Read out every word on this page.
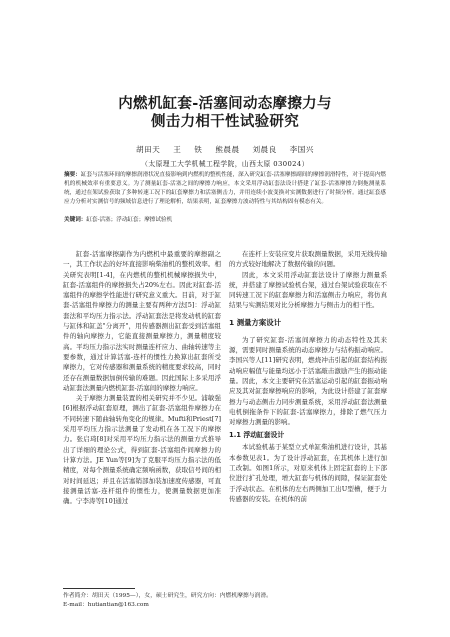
内燃机缸套-活塞间动态摩擦力与
侧击力相干性试验研究
胡田天 王 铁 熊晨晨 刘晨良 李国兴
（太原理工大学机械工程学院，山西太原 030024）
摘要：缸套与活塞环间的摩擦润滑状况直接影响到内燃机的整机性能，深入研究缸套-活塞摩擦副间的摩擦润滑特性，对于提高内燃机的机械效率有重要意义。为了测量缸套-活塞之间的摩擦力响应，本文采用浮动缸套法设计搭建了缸套-活塞摩擦力倒拖测量系统，通过在架试验获取了多种转速工况下的缸套摩擦力和活塞侧击力，并用连续小波变换对实测数据进行了时频分析。通过缸套感应力分析对实测信号的频域信息进行了理论解析，结果表明，缸套摩擦力波动特性与其结构固有模态有关。
关键词：缸套-活塞；浮动缸套；摩擦试验机

缸套-活塞摩擦副作为内燃机中最重要的摩擦副之一，其工作状态的好坏直接影响柴油机的整机效率。相关研究表明[1-4]，在内燃机的整机机械摩擦损失中，缸套-活塞组件的摩擦损失占20%左右。因此对缸套-活塞组件的摩擦学性能进行研究意义重大。目前，对于缸套-活塞组件摩擦力的测量主要有两种方法[5]：浮动缸套法和平均压力指示法。浮动缸套法是将发动机的缸套与缸体和缸盖"分离开"，用传感器测出缸套受到活塞组件的轴向摩擦力，它能直接测量摩擦力，测量精度较高。平均压力指示法实时测量连杆应力、曲轴转速等主要参数，通过计算活塞-连杆的惯性力换算出缸套所受摩擦力，它对传感器和测量系统的精度要求较高，同时还存在测量数据加倒传输的难题。因此国际上多采用浮动缸套法测量内燃机缸套-活塞间的摩擦力响应。

关于摩擦力测量装置的相关研究并不少见。浦敏强[6]根据浮动缸套原理，测出了缸套-活塞组件摩擦力在不同转速下随曲轴转角变化的规律。Mufti和Priest[7]采用平均压力指示法测量了发动机在各工况下的摩擦力。张启琦[8]对采用平均压力指示法的测量方式推导出了详细的理论公式，得到缸套-活塞组件间摩擦力的计算方法。JE Yun等[9]为了克服平均压力指示法的低精度，对每个测量系统确定频响函数，获取信号间的相对时间延迟；并且在活塞销部加装加速度传感器，可直接测量活塞-连杆组件的惯性力，使测量数据更加准确。宁李涛等[10]通过

在连杆上安装应变片获取测量数据，采用无线传输的方式较好地解决了数据传输的问题。

因此，本文采用浮动缸套法设计了摩擦力测量系统，并搭建了摩擦试验机台架，通过台架试验获取在不同转速工况下的缸套摩擦力和活塞侧击力响应，将仿真结果与实测结果对比分析摩擦力与侧击力的相干性。

1 测量方案设计

为了研究缸套-活塞间摩擦力的动态特性及其来源，需要同时测量系统的动态摩擦力与结构振动响应。李国兴等人[11]研究表明，燃烧冲击引起的缸套结构振动响应幅值与能量均远小于活塞敲击激励产生的振动能量。因此，本文主要研究在活塞运动引起的缸套振动响应及其对缸套摩擦响应的影响，为此设计搭建了缸套摩擦力与动态侧击力同步测量系统，采用浮动缸套法测量电机倒拖条件下的缸套-活塞摩擦力，排除了燃气压力对摩擦力测量的影响。

1.1 浮动缸套设计

本试验机基于某型立式单缸柴油机进行设计，其基本参数见表1。为了设计浮动缸套，在其机体上进行加工改制。如图1所示，对原来机体上固定缸套的上下部位进行扩孔处理，增大缸套与机体的间隙，保证缸套处于浮动状态。在机体的左右两侧加工出U型槽，便于力传感器的安装。在机体的前

作者简介：胡田天（1995—），女，硕士研究生，研究方向：内燃机摩擦与润滑。
E-mail：hutiantian@163.com
